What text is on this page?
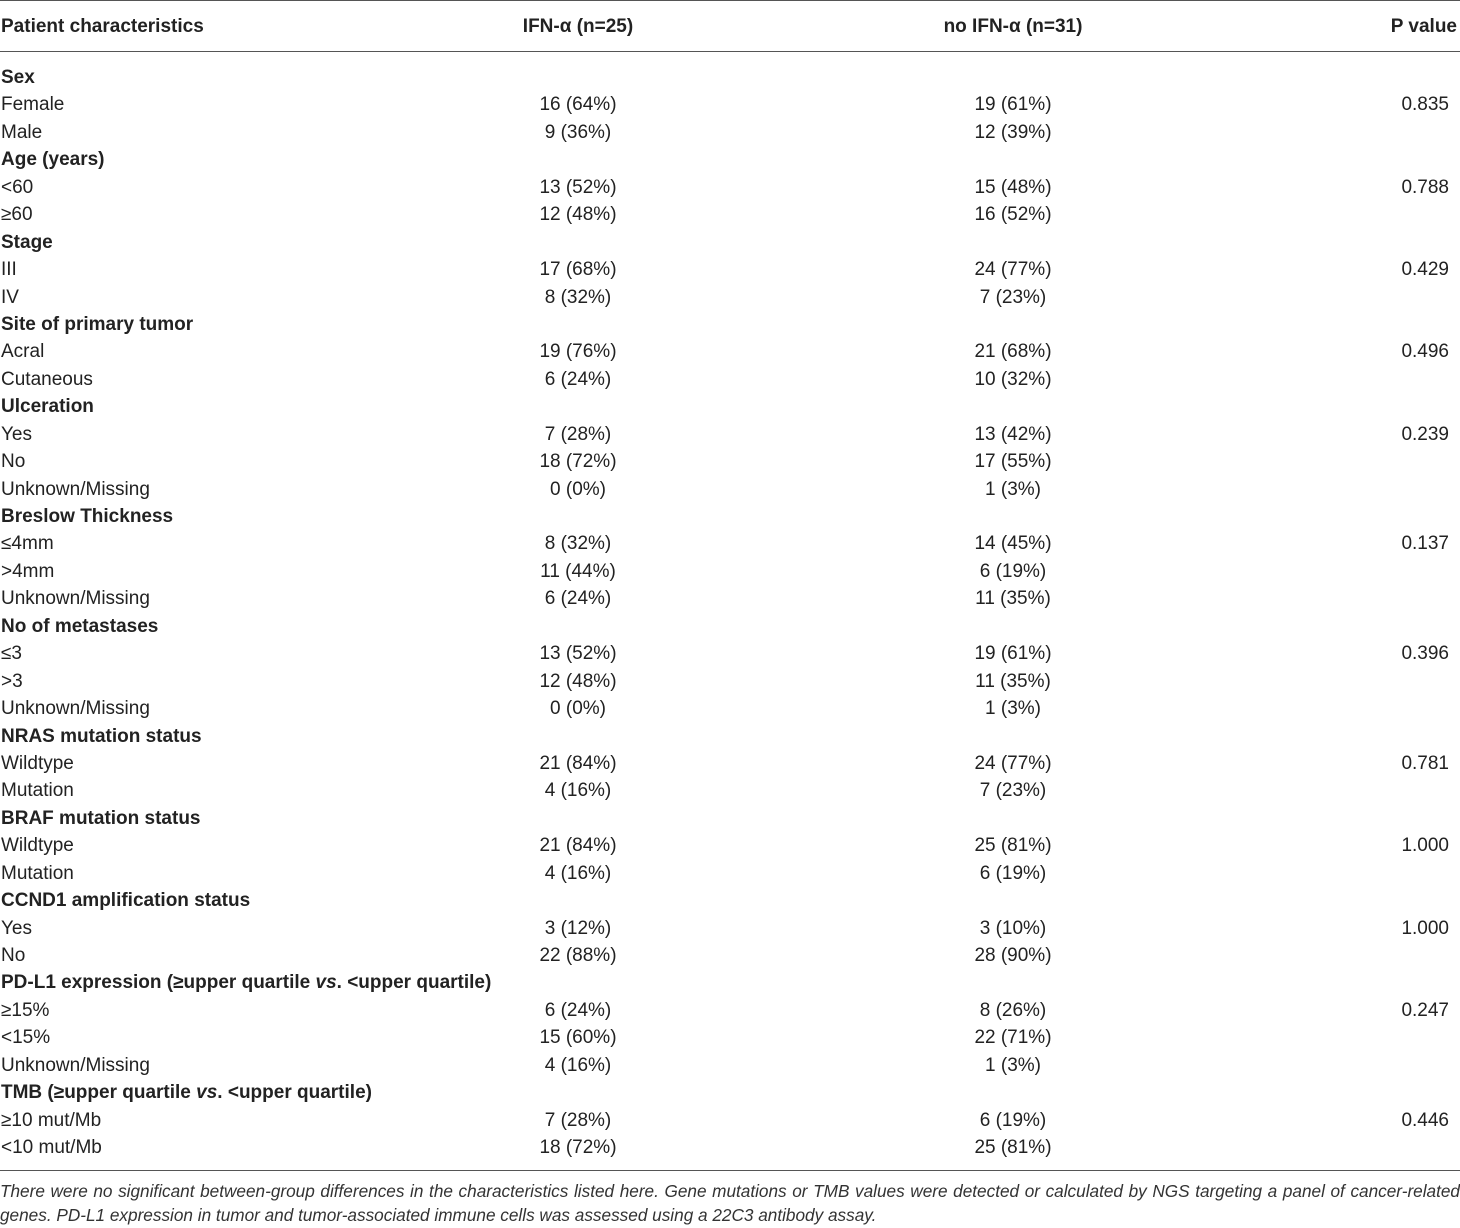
Patient characteristics	IFN-α (n=25)	no IFN-α (n=31)	P value
Sex
Female	16 (64%)	19 (61%)	0.835
Male	9 (36%)	12 (39%)
Age (years)
<60	13 (52%)	15 (48%)	0.788
≥60	12 (48%)	16 (52%)
Stage
III	17 (68%)	24 (77%)	0.429
IV	8 (32%)	7 (23%)
Site of primary tumor
Acral	19 (76%)	21 (68%)	0.496
Cutaneous	6 (24%)	10 (32%)
Ulceration
Yes	7 (28%)	13 (42%)	0.239
No	18 (72%)	17 (55%)
Unknown/Missing	0 (0%)	1 (3%)
Breslow Thickness
≤4mm	8 (32%)	14 (45%)	0.137
>4mm	11 (44%)	6 (19%)
Unknown/Missing	6 (24%)	11 (35%)
No of metastases
≤3	13 (52%)	19 (61%)	0.396
>3	12 (48%)	11 (35%)
Unknown/Missing	0 (0%)	1 (3%)
NRAS mutation status
Wildtype	21 (84%)	24 (77%)	0.781
Mutation	4 (16%)	7 (23%)
BRAF mutation status
Wildtype	21 (84%)	25 (81%)	1.000
Mutation	4 (16%)	6 (19%)
CCND1 amplification status
Yes	3 (12%)	3 (10%)	1.000
No	22 (88%)	28 (90%)
PD-L1 expression (≥upper quartile vs. <upper quartile)
≥15%	6 (24%)	8 (26%)	0.247
<15%	15 (60%)	22 (71%)
Unknown/Missing	4 (16%)	1 (3%)
TMB (≥upper quartile vs. <upper quartile)
≥10 mut/Mb	7 (28%)	6 (19%)	0.446
<10 mut/Mb	18 (72%)	25 (81%)
There were no significant between-group differences in the characteristics listed here. Gene mutations or TMB values were detected or calculated by NGS targeting a panel of cancer-related genes. PD-L1 expression in tumor and tumor-associated immune cells was assessed using a 22C3 antibody assay.
